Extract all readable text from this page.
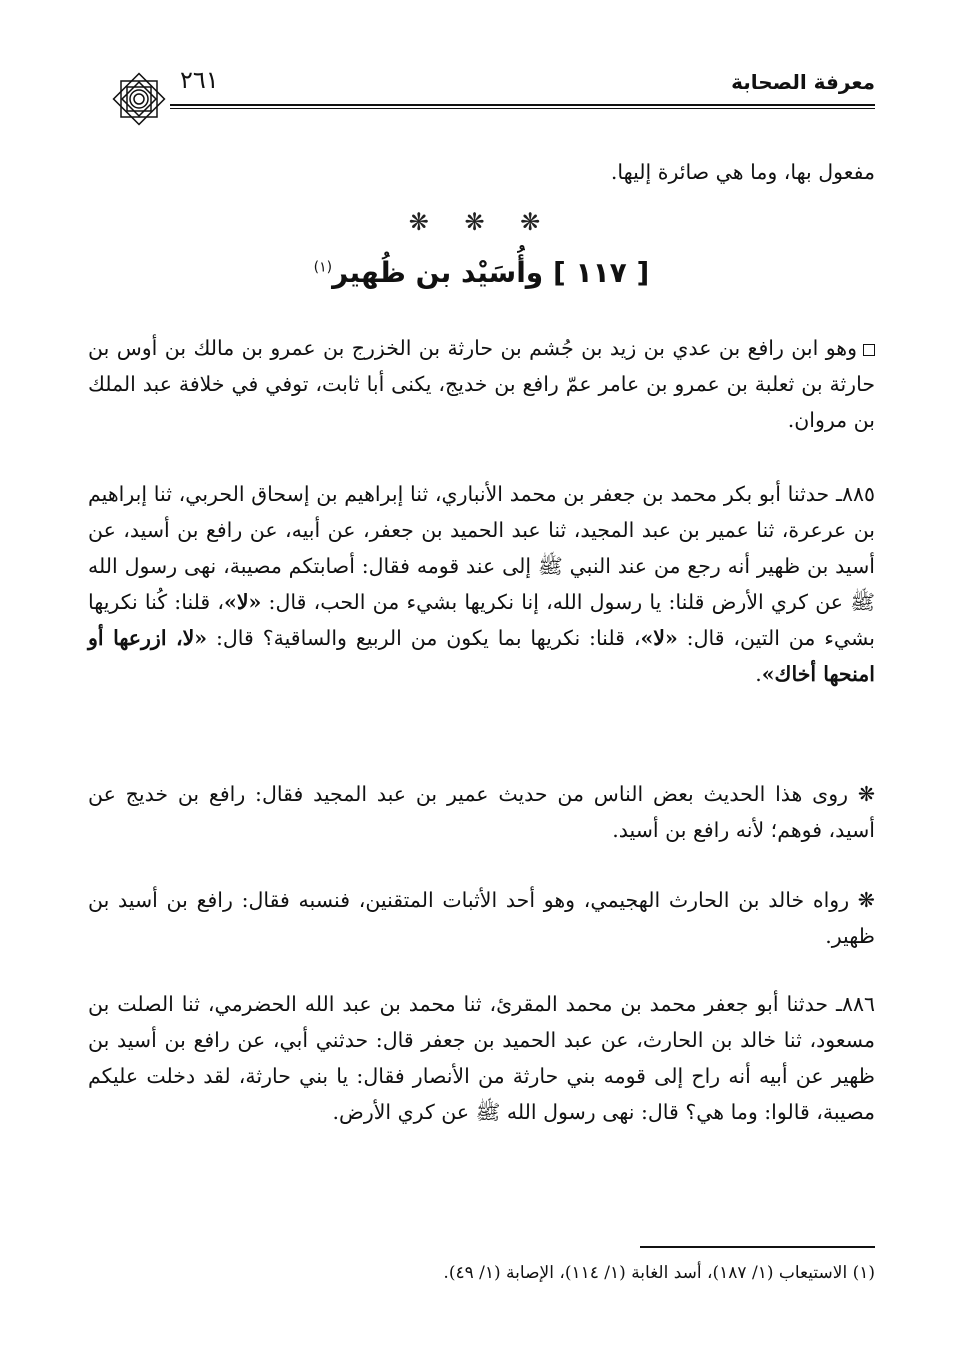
٢٦١	معرفة الصحابة
مفعول بها، وما هي صائرة إليها.
❋ ❋ ❋
[ ١١٧ ] وأُسَيْد بن ظُهير$^{(١)}$
وهو ابن رافع بن عدي بن زيد بن جُشم بن حارثة بن الخزرج بن عمرو بن مالك بن أوس بن حارثة بن ثعلبة بن عمرو بن عامر عمّ رافع بن خديج، يكنى أبا ثابت، توفي في خلافة عبد الملك بن مروان.
٨٨٥ـ حدثنا أبو بكر محمد بن جعفر بن محمد الأنباري، ثنا إبراهيم بن إسحاق الحربي، ثنا إبراهيم بن عرعرة، ثنا عمير بن عبد المجيد، ثنا عبد الحميد بن جعفر، عن أبيه، عن رافع بن أسيد، عن أسيد بن ظهير أنه رجع من عند النبي ﷺ إلى عند قومه فقال: أصابتكم مصيبة، نهى رسول الله ﷺ عن كري الأرض قلنا: يا رسول الله، إنا نكريها بشيء من الحب، قال: «لا»، قلنا: كُنا نكريها بشيء من التين، قال: «لا»، قلنا: نكريها بما يكون من الربيع والساقية؟ قال: «لا، ازرعها أو امنحها أخاك».
❋ روى هذا الحديث بعض الناس من حديث عمير بن عبد المجيد فقال: رافع بن خديج عن أسيد، فوهم؛ لأنه رافع بن أسيد.
❋ رواه خالد بن الحارث الهجيمي، وهو أحد الأثبات المتقنين، فنسبه فقال: رافع بن أسيد بن ظهير.
٨٨٦ـ حدثنا أبو جعفر محمد بن محمد المقرئ، ثنا محمد بن عبد الله الحضرمي، ثنا الصلت بن مسعود، ثنا خالد بن الحارث، عن عبد الحميد بن جعفر قال: حدثني أبي، عن رافع بن أسيد بن ظهير عن أبيه أنه راح إلى قومه بني حارثة من الأنصار فقال: يا بني حارثة، لقد دخلت عليكم مصيبة، قالوا: وما هي؟ قال: نهى رسول الله ﷺ عن كري الأرض.
(١) الاستيعاب (١/ ١٨٧)، أسد الغابة (١/ ١١٤)، الإصابة (١/ ٤٩).
